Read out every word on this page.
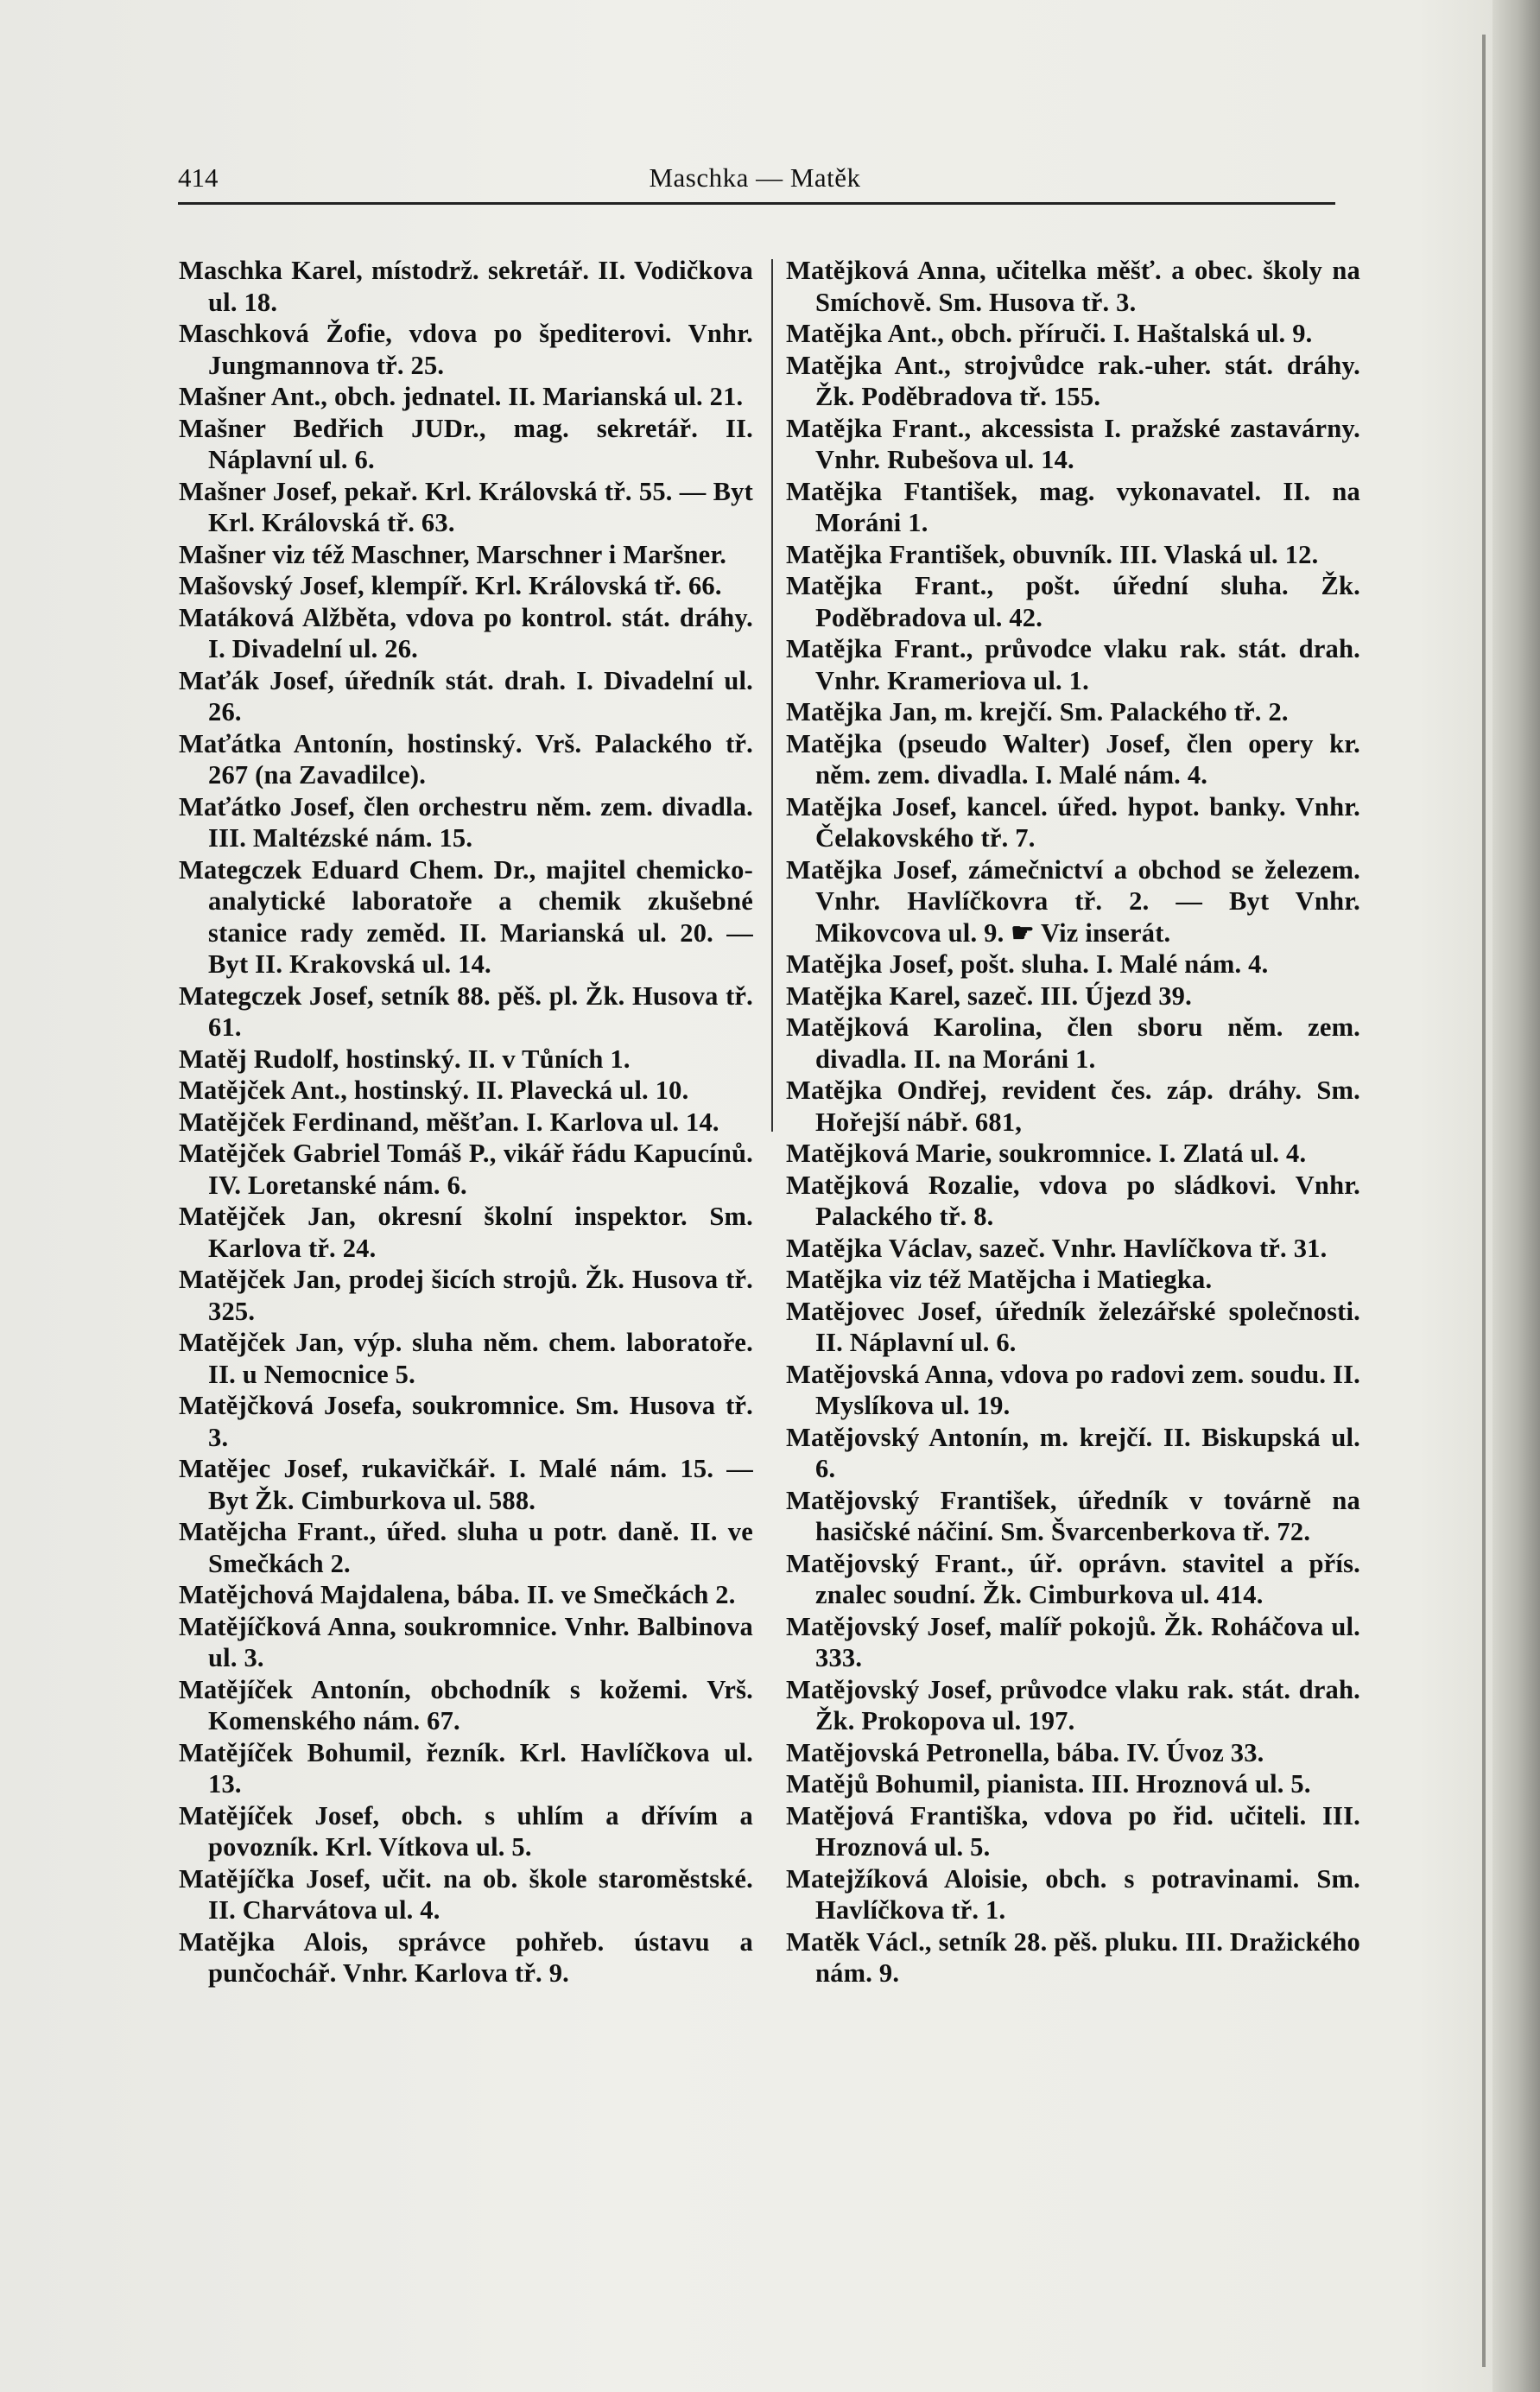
414	Maschka — Matěk

Maschka Karel, místodrž. sekretář. II. Vodičkova ul. 18.

Maschková Žofie, vdova po špediterovi. Vnhr. Jungmannova tř. 25.

Mašner Ant., obch. jednatel. II. Marianská ul. 21.

Mašner Bedřich JUDr., mag. sekretář. II. Náplavní ul. 6.

Mašner Josef, pekař. Krl. Královská tř. 55. — Byt Krl. Královská tř. 63.

Mašner viz též Maschner, Marschner i Maršner.

Mašovský Josef, klempíř. Krl. Královská tř. 66.

Matáková Alžběta, vdova po kontrol. stát. dráhy. I. Divadelní ul. 26.

Maťák Josef, úředník stát. drah. I. Divadelní ul. 26.

Maťátka Antonín, hostinský. Vrš. Palackého tř. 267 (na Zavadilce).

Maťátko Josef, člen orchestru něm. zem. divadla. III. Maltézské nám. 15.

Mategczek Eduard Chem. Dr., majitel chemicko-analytické laboratoře a chemik zkušebné stanice rady zeměd. II. Marianská ul. 20. — Byt II. Krakovská ul. 14.

Mategczek Josef, setník 88. pěš. pl. Žk. Husova tř. 61.

Matěj Rudolf, hostinský. II. v Tůních 1.

Matějček Ant., hostinský. II. Plavecká ul. 10.

Matějček Ferdinand, měšťan. I. Karlova ul. 14.

Matějček Gabriel Tomáš P., vikář řádu Kapucínů. IV. Loretanské nám. 6.

Matějček Jan, okresní školní inspektor. Sm. Karlova tř. 24.

Matějček Jan, prodej šicích strojů. Žk. Husova tř. 325.

Matějček Jan, výp. sluha něm. chem. laboratoře. II. u Nemocnice 5.

Matějčková Josefa, soukromnice. Sm. Husova tř. 3.

Matějec Josef, rukavičkář. I. Malé nám. 15. — Byt Žk. Cimburkova ul. 588.

Matějcha Frant., úřed. sluha u potr. daně. II. ve Smečkách 2.

Matějchová Majdalena, bába. II. ve Smečkách 2.

Matějíčková Anna, soukromnice. Vnhr. Balbinova ul. 3.

Matějíček Antonín, obchodník s kožemi. Vrš. Komenského nám. 67.

Matějíček Bohumil, řezník. Krl. Havlíčkova ul. 13.

Matějíček Josef, obch. s uhlím a dřívím a povozník. Krl. Vítkova ul. 5.

Matějíčka Josef, učit. na ob. škole staroměstské. II. Charvátova ul. 4.

Matějka Alois, správce pohřeb. ústavu a punčochář. Vnhr. Karlova tř. 9.

Matějková Anna, učitelka měšť. a obec. školy na Smíchově. Sm. Husova tř. 3.

Matějka Ant., obch. příruči. I. Haštalská ul. 9.

Matějka Ant., strojvůdce rak.-uher. stát. dráhy. Žk. Poděbradova tř. 155.

Matějka Frant., akcessista I. pražské zastavárny. Vnhr. Rubešova ul. 14.

Matějka Ftantišek, mag. vykonavatel. II. na Moráni 1.

Matějka František, obuvník. III. Vlaská ul. 12.

Matějka Frant., pošt. úřední sluha. Žk. Poděbradova ul. 42.

Matějka Frant., průvodce vlaku rak. stát. drah. Vnhr. Krameriova ul. 1.

Matějka Jan, m. krejčí. Sm. Palackého tř. 2.

Matějka (pseudo Walter) Josef, člen opery kr. něm. zem. divadla. I. Malé nám. 4.

Matějka Josef, kancel. úřed. hypot. banky. Vnhr. Čelakovského tř. 7.

Matějka Josef, zámečnictví a obchod se železem. Vnhr. Havlíčkovra tř. 2. — Byt Vnhr. Mikovcova ul. 9. ☛ Viz inserát.

Matějka Josef, pošt. sluha. I. Malé nám. 4.

Matějka Karel, sazeč. III. Újezd 39.

Matějková Karolina, člen sboru něm. zem. divadla. II. na Moráni 1.

Matějka Ondřej, revident čes. záp. dráhy. Sm. Hořejší nábř. 681,

Matějková Marie, soukromnice. I. Zlatá ul. 4.

Matějková Rozalie, vdova po sládkovi. Vnhr. Palackého tř. 8.

Matějka Václav, sazeč. Vnhr. Havlíčkova tř. 31.

Matějka viz též Matějcha i Matiegka.

Matějovec Josef, úředník železářské společnosti. II. Náplavní ul. 6.

Matějovská Anna, vdova po radovi zem. soudu. II. Myslíkova ul. 19.

Matějovský Antonín, m. krejčí. II. Biskupská ul. 6.

Matějovský František, úředník v továrně na hasičské náčiní. Sm. Švarcenberkova tř. 72.

Matějovský Frant., úř. oprávn. stavitel a přís. znalec soudní. Žk. Cimburkova ul. 414.

Matějovský Josef, malíř pokojů. Žk. Roháčova ul. 333.

Matějovský Josef, průvodce vlaku rak. stát. drah. Žk. Prokopova ul. 197.

Matějovská Petronella, bába. IV. Úvoz 33.

Matějů Bohumil, pianista. III. Hroznová ul. 5.

Matějová Františka, vdova po řid. učiteli. III. Hroznová ul. 5.

Matejžíková Aloisie, obch. s potravinami. Sm. Havlíčkova tř. 1.

Matěk Václ., setník 28. pěš. pluku. III. Dražického nám. 9.
